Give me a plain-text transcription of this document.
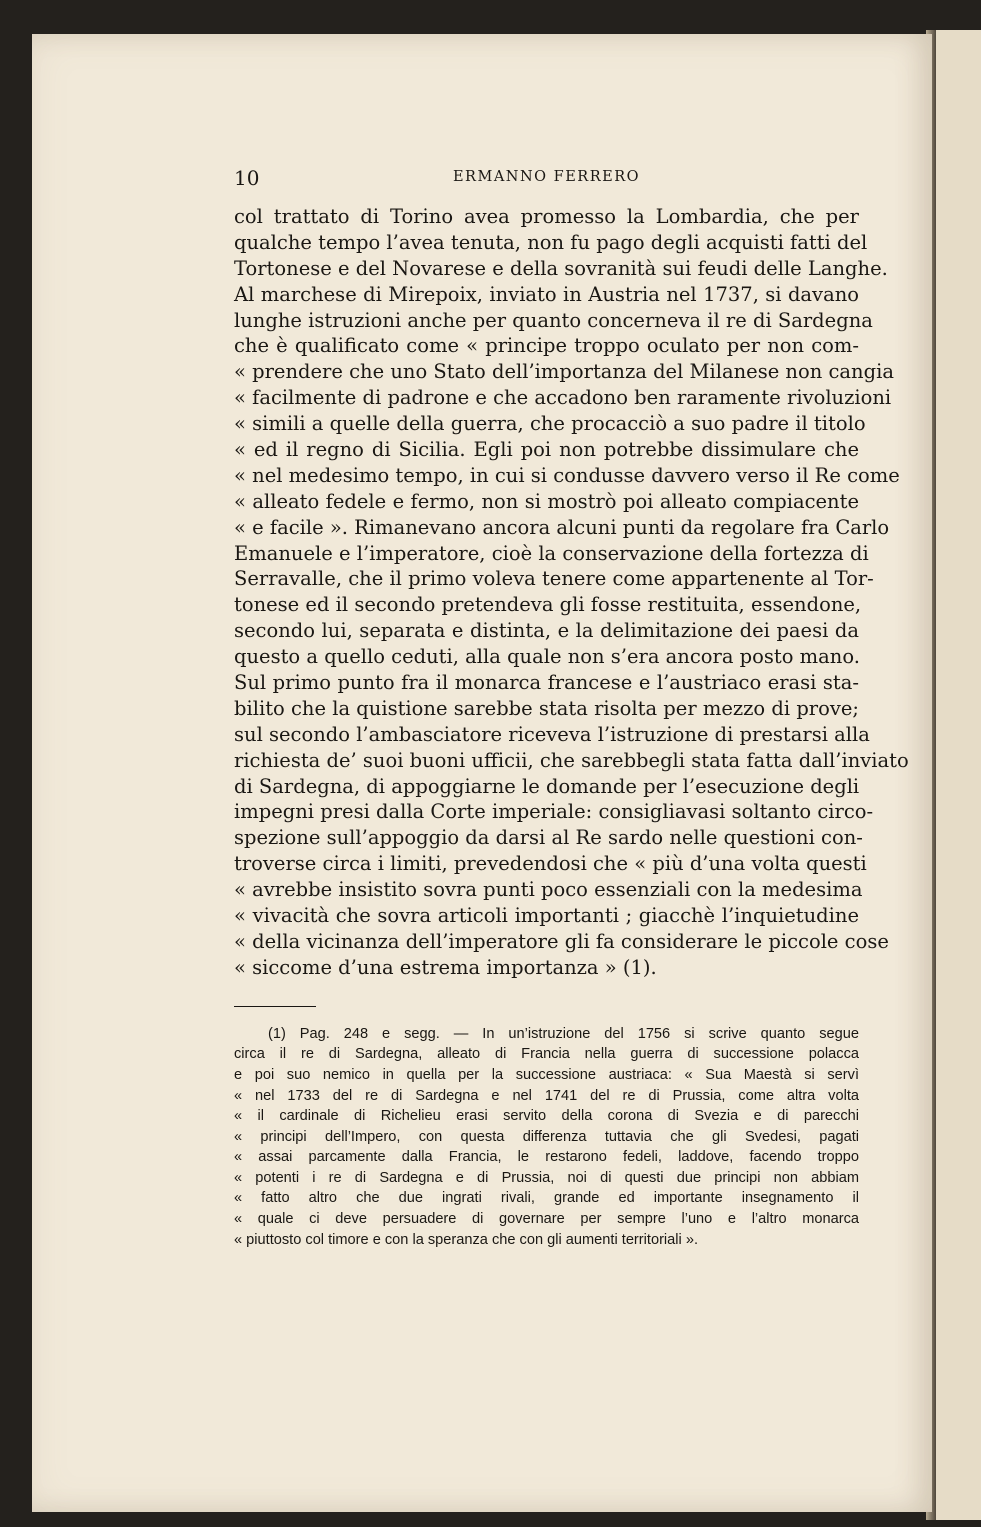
10	ERMANNO FERRERO
col trattato di Torino avea promesso la Lombardia, che per
qualche tempo l’avea tenuta, non fu pago degli acquisti fatti del
Tortonese e del Novarese e della sovranità sui feudi delle Langhe.
Al marchese di Mirepoix, inviato in Austria nel 1737, si davano
lunghe istruzioni anche per quanto concerneva il re di Sardegna
che è qualificato come « principe troppo oculato per non com-
« prendere che uno Stato dell’importanza del Milanese non cangia
« facilmente di padrone e che accadono ben raramente rivoluzioni
« simili a quelle della guerra, che procacciò a suo padre il titolo
« ed il regno di Sicilia. Egli poi non potrebbe dissimulare che
« nel medesimo tempo, in cui si condusse davvero verso il Re come
« alleato fedele e fermo, non si mostrò poi alleato compiacente
« e facile ». Rimanevano ancora alcuni punti da regolare fra Carlo
Emanuele e l’imperatore, cioè la conservazione della fortezza di
Serravalle, che il primo voleva tenere come appartenente al Tor-
tonese ed il secondo pretendeva gli fosse restituita, essendone,
secondo lui, separata e distinta, e la delimitazione dei paesi da
questo a quello ceduti, alla quale non s’era ancora posto mano.
Sul primo punto fra il monarca francese e l’austriaco erasi sta-
bilito che la quistione sarebbe stata risolta per mezzo di prove;
sul secondo l’ambasciatore riceveva l’istruzione di prestarsi alla
richiesta de’ suoi buoni ufficii, che sarebbegli stata fatta dall’inviato
di Sardegna, di appoggiarne le domande per l’esecuzione degli
impegni presi dalla Corte imperiale: consigliavasi soltanto circo-
spezione sull’appoggio da darsi al Re sardo nelle questioni con-
troverse circa i limiti, prevedendosi che « più d’una volta questi
« avrebbe insistito sovra punti poco essenziali con la medesima
« vivacità che sovra articoli importanti ; giacchè l’inquietudine
« della vicinanza dell’imperatore gli fa considerare le piccole cose
« siccome d’una estrema importanza » (1).
(1) Pag. 248 e segg. — In un’istruzione del 1756 si scrive quanto segue
circa il re di Sardegna, alleato di Francia nella guerra di successione polacca
e poi suo nemico in quella per la successione austriaca: « Sua Maestà si servì
« nel 1733 del re di Sardegna e nel 1741 del re di Prussia, come altra volta
« il cardinale di Richelieu erasi servito della corona di Svezia e di parecchi
« principi dell’Impero, con questa differenza tuttavia che gli Svedesi, pagati
« assai parcamente dalla Francia, le restarono fedeli, laddove, facendo troppo
« potenti i re di Sardegna e di Prussia, noi di questi due principi non abbiam
« fatto altro che due ingrati rivali, grande ed importante insegnamento il
« quale ci deve persuadere di governare per sempre l’uno e l’altro monarca
« piuttosto col timore e con la speranza che con gli aumenti territoriali ».
